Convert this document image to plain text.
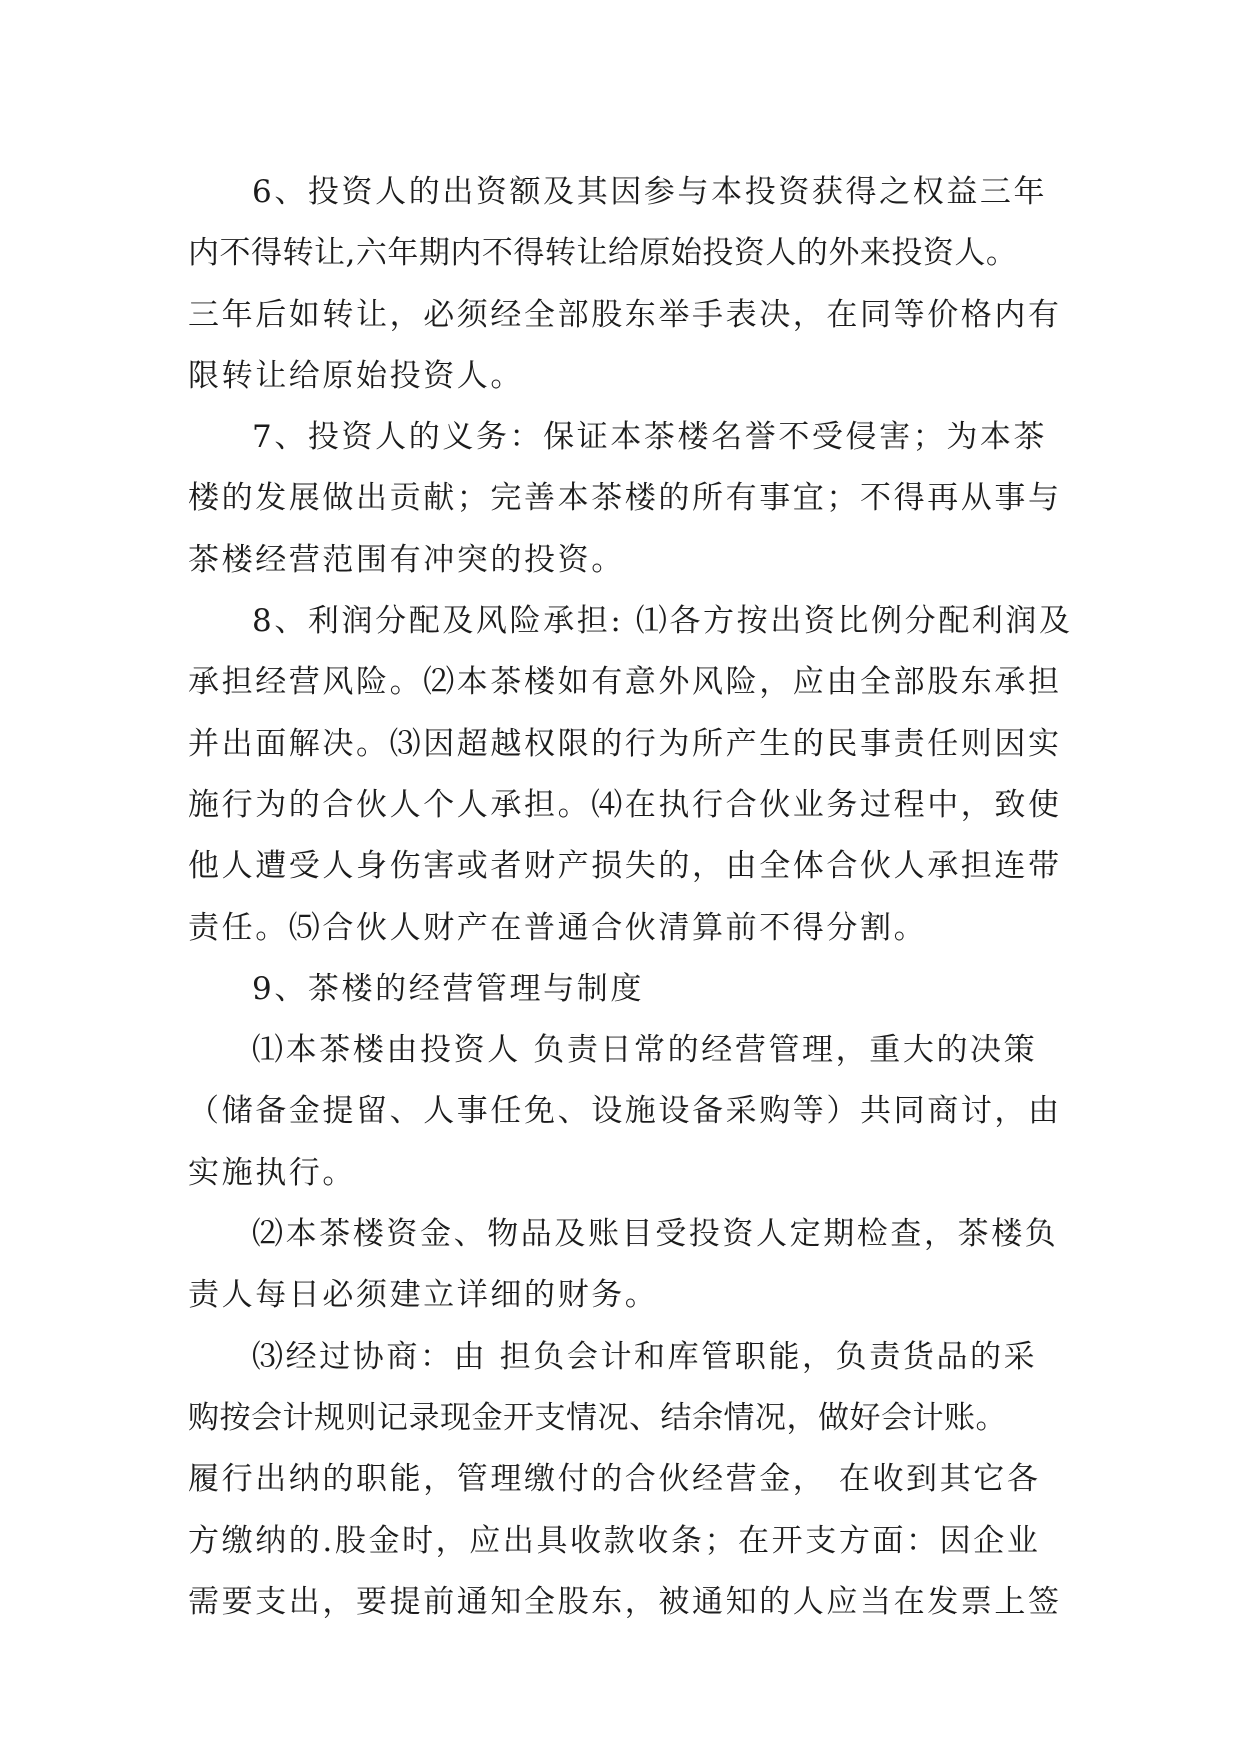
6、投资人的出资额及其因参与本投资获得之权益三年
内不得转让,六年期内不得转让给原始投资人的外来投资人。
三年后如转让，必须经全部股东举手表决，在同等价格内有
限转让给原始投资人。
7、投资人的义务：保证本茶楼名誉不受侵害；为本茶
楼的发展做出贡献；完善本茶楼的所有事宜；不得再从事与
茶楼经营范围有冲突的投资。
8、利润分配及风险承担: ⑴各方按出资比例分配利润及
承担经营风险。⑵本茶楼如有意外风险，应由全部股东承担
并出面解决。⑶因超越权限的行为所产生的民事责任则因实
施行为的合伙人个人承担。⑷在执行合伙业务过程中，致使
他人遭受人身伤害或者财产损失的，由全体合伙人承担连带
责任。⑸合伙人财产在普通合伙清算前不得分割。
9、茶楼的经营管理与制度
⑴本茶楼由投资人 负责日常的经营管理，重大的决策
（储备金提留、人事任免、设施设备采购等）共同商讨，由
实施执行。
⑵本茶楼资金、物品及账目受投资人定期检查，茶楼负
责人每日必须建立详细的财务。
⑶经过协商：由 担负会计和库管职能，负责货品的采
购按会计规则记录现金开支情况、结余情况，做好会计账。
履行出纳的职能，管理缴付的合伙经营金， 在收到其它各
方缴纳的.股金时，应出具收款收条；在开支方面：因企业
需要支出，要提前通知全股东，被通知的人应当在发票上签
